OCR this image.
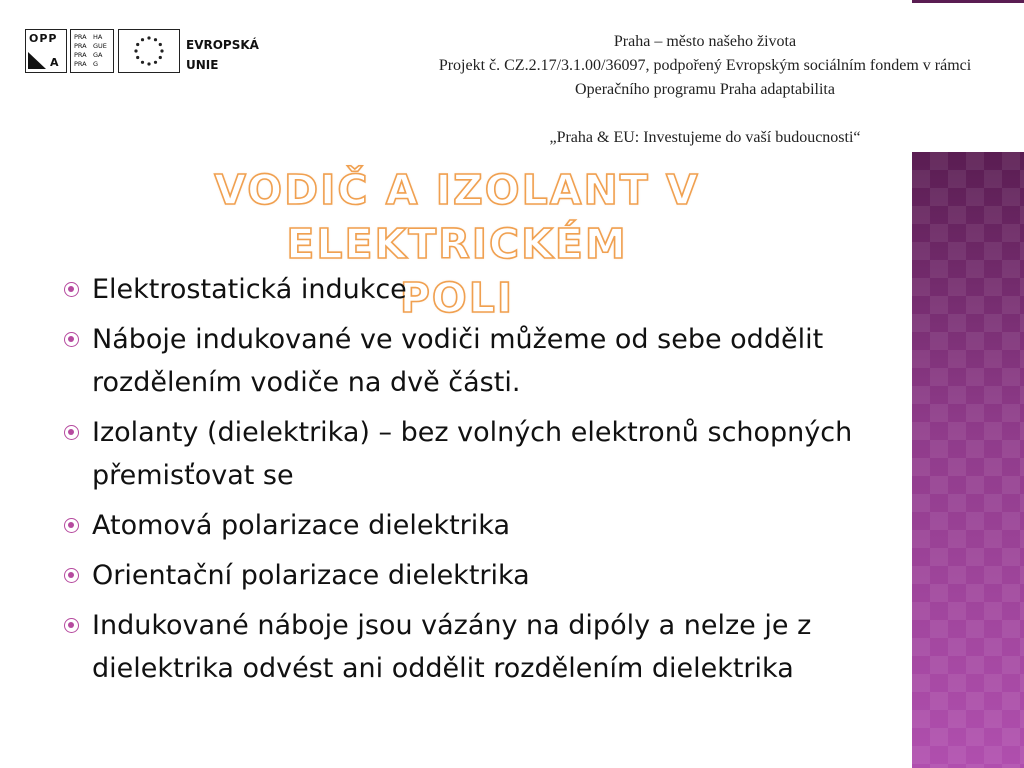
OPP
A
PRA HA
PRA GUE
PRA GA
PRA G
EVROPSKÁ
UNIE
Praha – město našeho života
Projekt č. CZ.2.17/3.1.00/36097, podpořený Evropským sociálním fondem v rámci
Operačního programu Praha adaptabilita
„Praha & EU: Investujeme do vaší budoucnosti“
VODIČ A IZOLANT V ELEKTRICKÉM
POLI
Elektrostatická indukce
Náboje indukované ve vodiči můžeme od sebe oddělit rozdělením vodiče na dvě části.
Izolanty (dielektrika) – bez volných elektronů schopných přemisťovat se
Atomová polarizace dielektrika
Orientační polarizace dielektrika
Indukované náboje jsou vázány na dipóly a nelze je z dielektrika odvést ani oddělit rozdělením dielektrika
